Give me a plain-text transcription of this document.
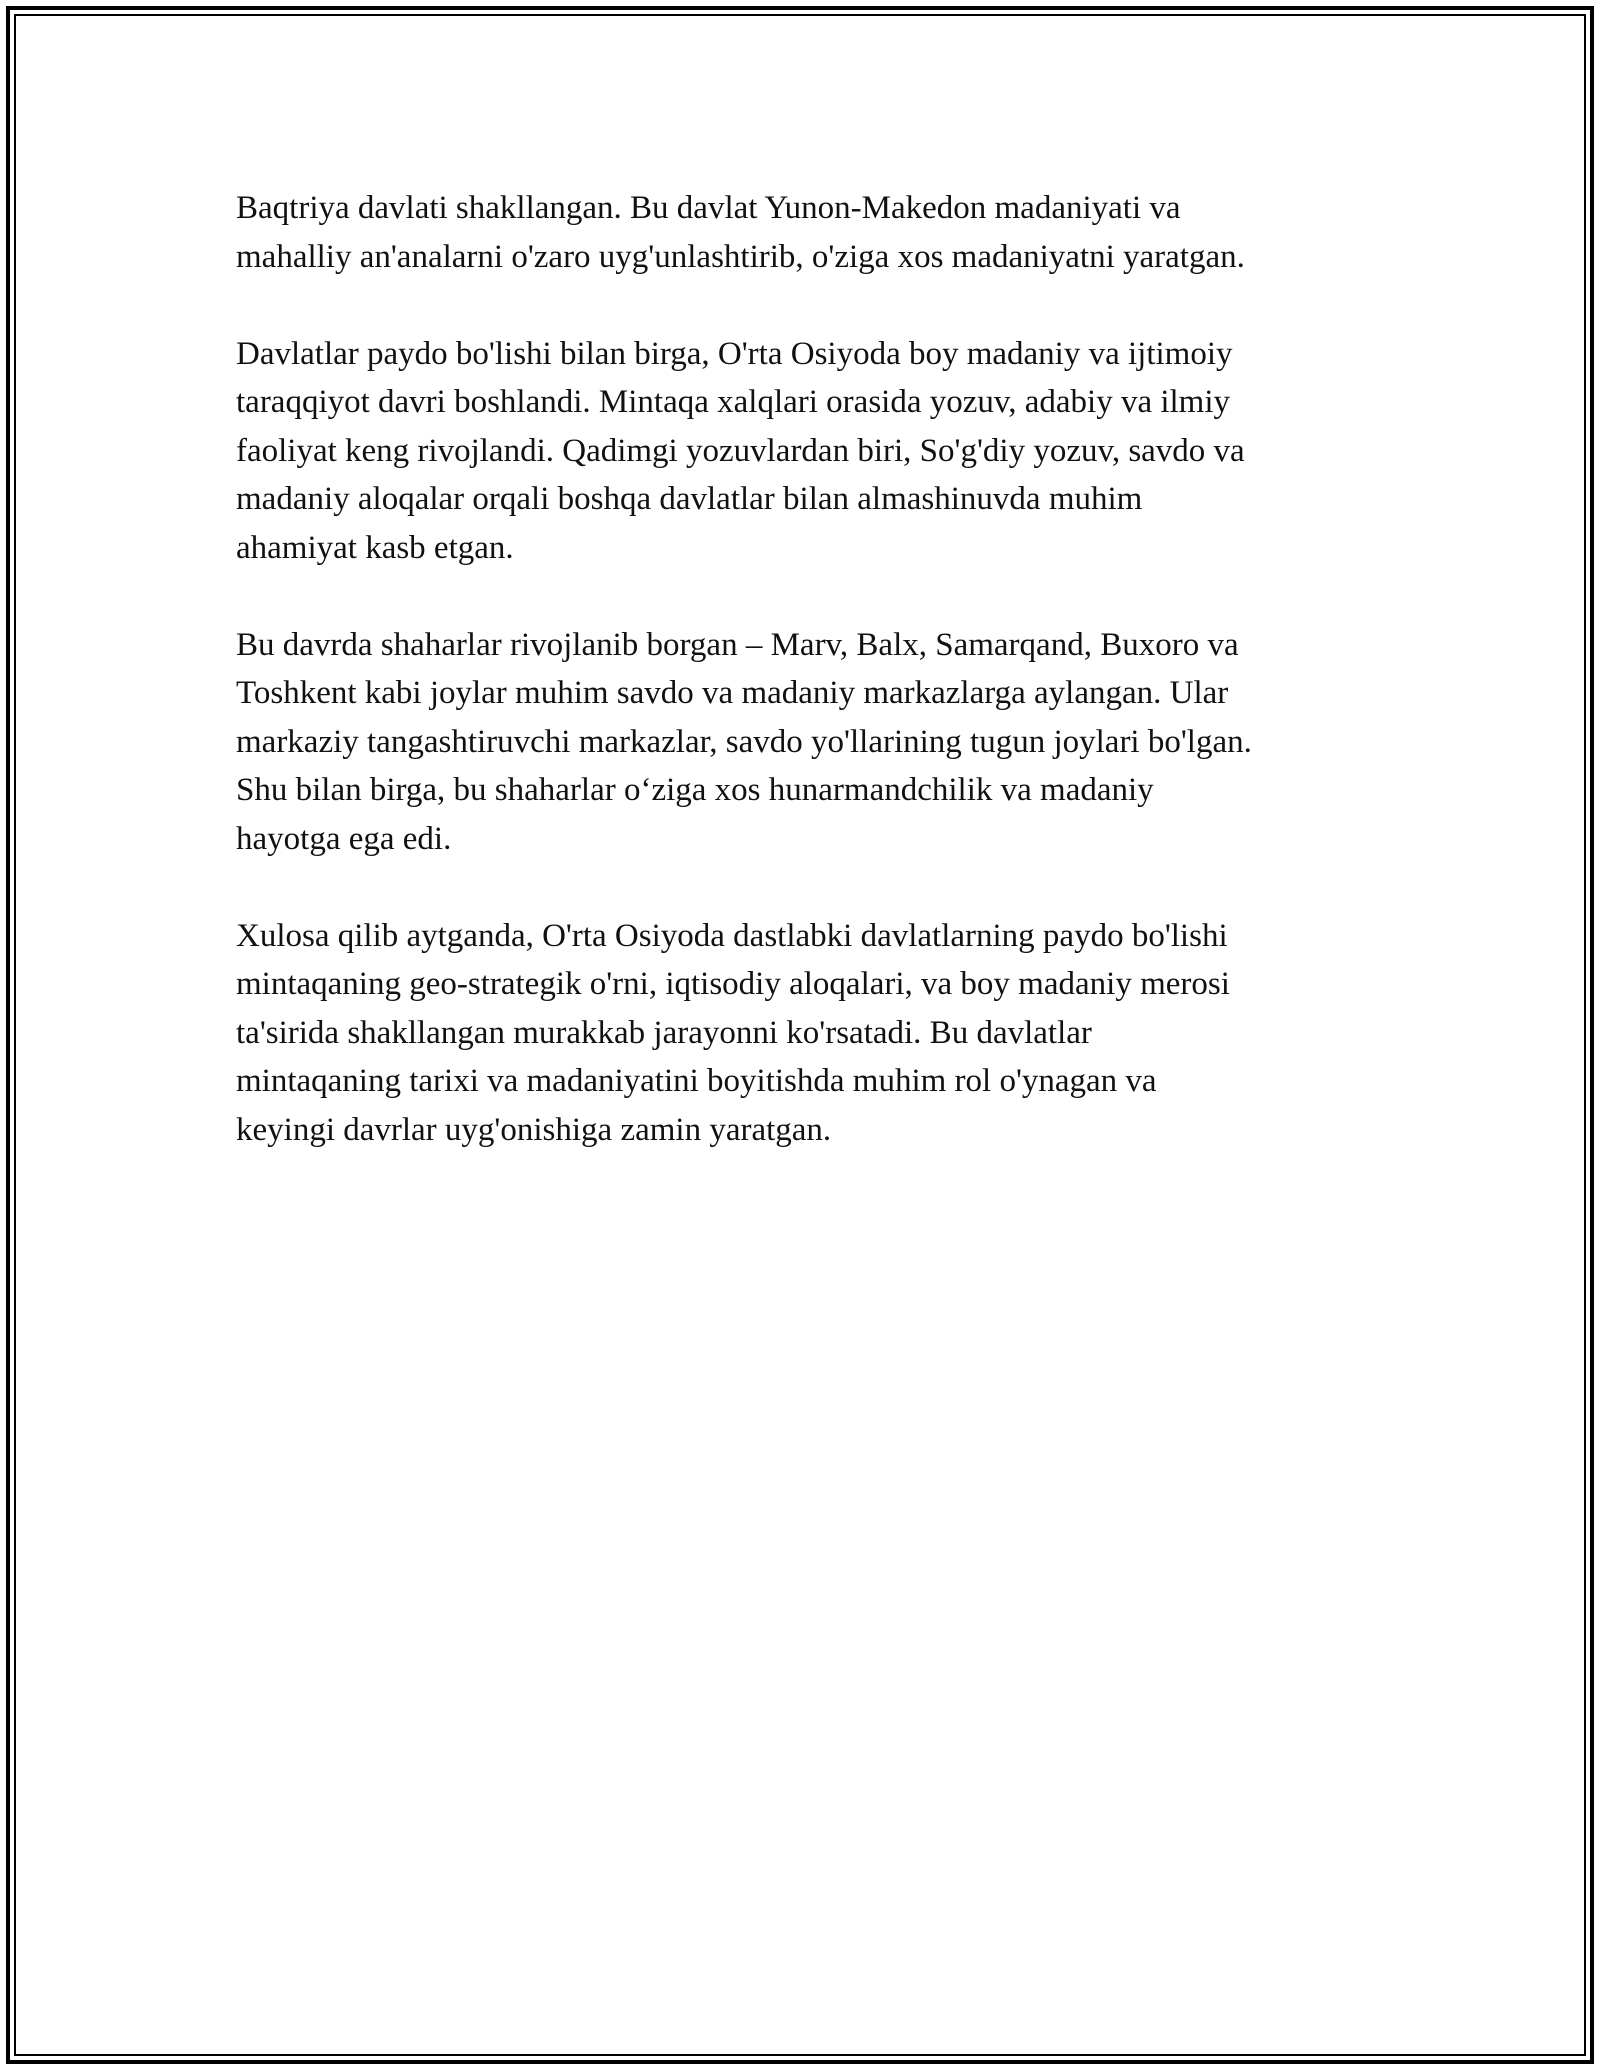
Baqtriya davlati shakllangan. Bu davlat Yunon-Makedon madaniyati va
mahalliy an'analarni o'zaro uyg'unlashtirib, o'ziga xos madaniyatni yaratgan.

Davlatlar paydo bo'lishi bilan birga, O'rta Osiyoda boy madaniy va ijtimoiy
taraqqiyot davri boshlandi. Mintaqa xalqlari orasida yozuv, adabiy va ilmiy
faoliyat keng rivojlandi. Qadimgi yozuvlardan biri, So'g'diy yozuv, savdo va
madaniy aloqalar orqali boshqa davlatlar bilan almashinuvda muhim
ahamiyat kasb etgan.

Bu davrda shaharlar rivojlanib borgan – Marv, Balx, Samarqand, Buxoro va
Toshkent kabi joylar muhim savdo va madaniy markazlarga aylangan. Ular
markaziy tangashtiruvchi markazlar, savdo yo'llarining tugun joylari bo'lgan.
Shu bilan birga, bu shaharlar o‘ziga xos hunarmandchilik va madaniy
hayotga ega edi.

Xulosa qilib aytganda, O'rta Osiyoda dastlabki davlatlarning paydo bo'lishi
mintaqaning geo-strategik o'rni, iqtisodiy aloqalari, va boy madaniy merosi
ta'sirida shakllangan murakkab jarayonni ko'rsatadi. Bu davlatlar
mintaqaning tarixi va madaniyatini boyitishda muhim rol o'ynagan va
keyingi davrlar uyg'onishiga zamin yaratgan.
